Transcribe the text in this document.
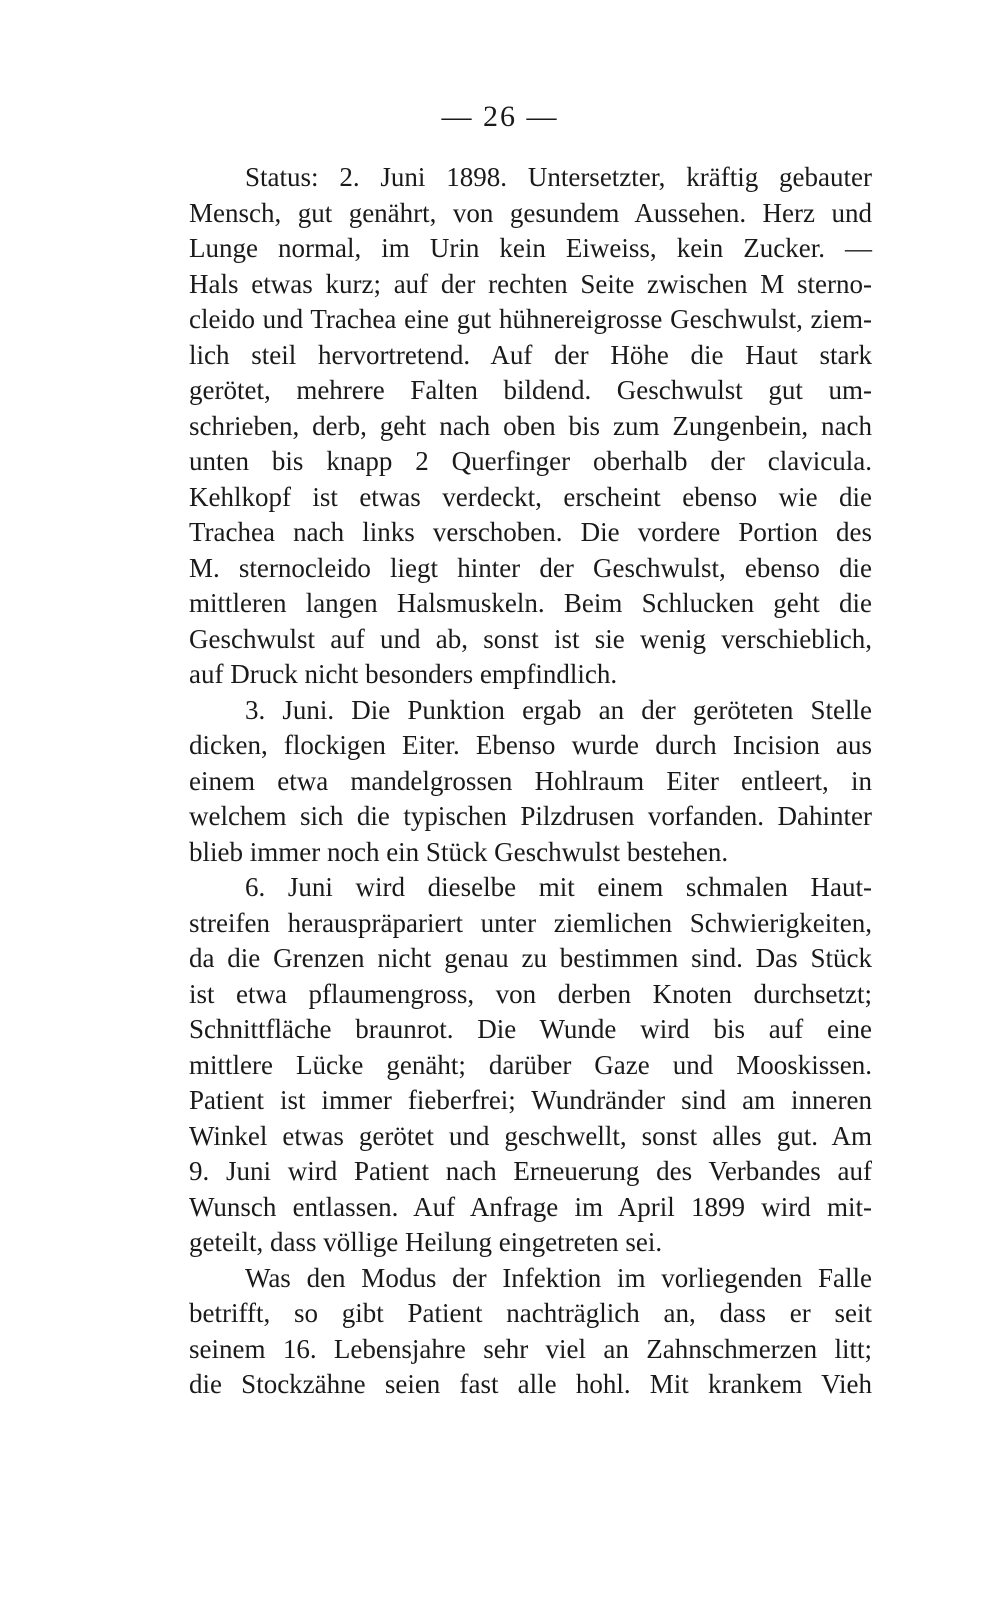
— 26 —
Status: 2. Juni 1898. Untersetzter, kräftig gebauter
Mensch, gut genährt, von gesundem Aussehen. Herz und
Lunge normal, im Urin kein Eiweiss, kein Zucker. —
Hals etwas kurz; auf der rechten Seite zwischen M sterno-
cleido und Trachea eine gut hühnereigrosse Geschwulst, ziem-
lich steil hervortretend. Auf der Höhe die Haut stark
gerötet, mehrere Falten bildend. Geschwulst gut um-
schrieben, derb, geht nach oben bis zum Zungenbein, nach
unten bis knapp 2 Querfinger oberhalb der clavicula.
Kehlkopf ist etwas verdeckt, erscheint ebenso wie die
Trachea nach links verschoben. Die vordere Portion des
M. sternocleido liegt hinter der Geschwulst, ebenso die
mittleren langen Halsmuskeln. Beim Schlucken geht die
Geschwulst auf und ab, sonst ist sie wenig verschieblich,
auf Druck nicht besonders empfindlich.
3. Juni. Die Punktion ergab an der geröteten Stelle
dicken, flockigen Eiter. Ebenso wurde durch Incision aus
einem etwa mandelgrossen Hohlraum Eiter entleert, in
welchem sich die typischen Pilzdrusen vorfanden. Dahinter
blieb immer noch ein Stück Geschwulst bestehen.
6. Juni wird dieselbe mit einem schmalen Haut-
streifen herauspräpariert unter ziemlichen Schwierigkeiten,
da die Grenzen nicht genau zu bestimmen sind. Das Stück
ist etwa pflaumengross, von derben Knoten durchsetzt;
Schnittfläche braunrot. Die Wunde wird bis auf eine
mittlere Lücke genäht; darüber Gaze und Mooskissen.
Patient ist immer fieberfrei; Wundränder sind am inneren
Winkel etwas gerötet und geschwellt, sonst alles gut. Am
9. Juni wird Patient nach Erneuerung des Verbandes auf
Wunsch entlassen. Auf Anfrage im April 1899 wird mit-
geteilt, dass völlige Heilung eingetreten sei.
Was den Modus der Infektion im vorliegenden Falle
betrifft, so gibt Patient nachträglich an, dass er seit
seinem 16. Lebensjahre sehr viel an Zahnschmerzen litt;
die Stockzähne seien fast alle hohl. Mit krankem Vieh
